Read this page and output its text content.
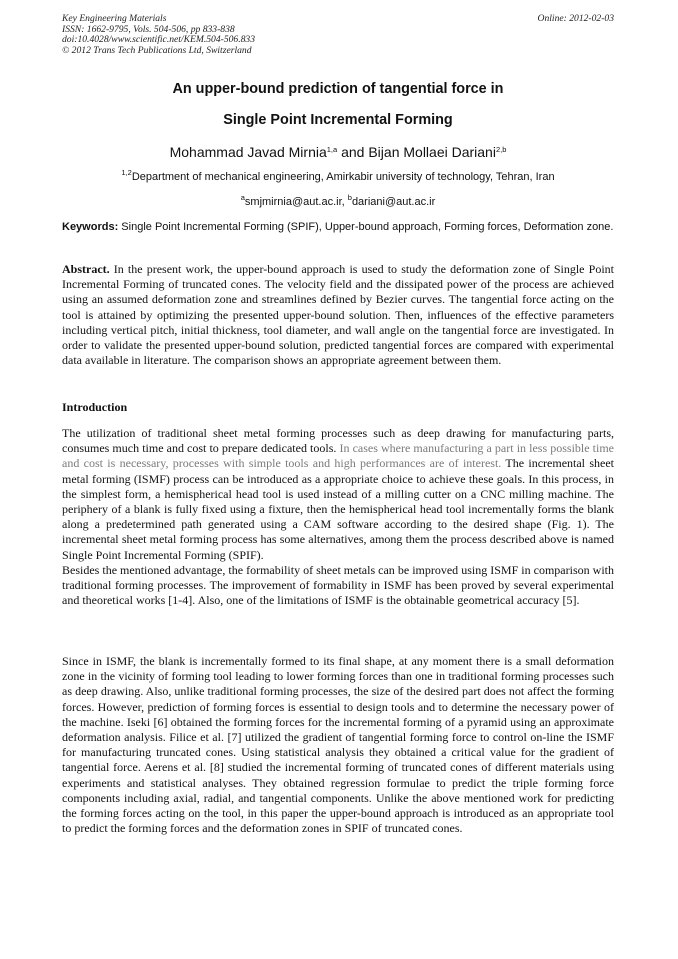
Key Engineering Materials
ISSN: 1662-9795, Vols. 504-506, pp 833-838
doi:10.4028/www.scientific.net/KEM.504-506.833
© 2012 Trans Tech Publications Ltd, Switzerland
Online: 2012-02-03
An upper-bound prediction of tangential force in
Single Point Incremental Forming
Mohammad Javad Mirnia$^{1,a}$ and Bijan Mollaei Dariani$^{2,b}$
$^{1,2}$Department of mechanical engineering, Amirkabir university of technology, Tehran, Iran
$^a$smjmirnia@aut.ac.ir, $^b$dariani@aut.ac.ir
Keywords: Single Point Incremental Forming (SPIF), Upper-bound approach, Forming forces, Deformation zone.
Abstract. In the present work, the upper-bound approach is used to study the deformation zone of Single Point Incremental Forming of truncated cones. The velocity field and the dissipated power of the process are achieved using an assumed deformation zone and streamlines defined by Bezier curves. The tangential force acting on the tool is attained by optimizing the presented upper-bound solution. Then, influences of the effective parameters including vertical pitch, initial thickness, tool diameter, and wall angle on the tangential force are investigated. In order to validate the presented upper-bound solution, predicted tangential forces are compared with experimental data available in literature. The comparison shows an appropriate agreement between them.
Introduction
The utilization of traditional sheet metal forming processes such as deep drawing for manufacturing parts, consumes much time and cost to prepare dedicated tools. In cases where manufacturing a part in less possible time and cost is necessary, processes with simple tools and high performances are of interest. The incremental sheet metal forming (ISMF) process can be introduced as a appropriate choice to achieve these goals. In this process, in the simplest form, a hemispherical head tool is used instead of a milling cutter on a CNC milling machine. The periphery of a blank is fully fixed using a fixture, then the hemispherical head tool incrementally forms the blank along a predetermined path generated using a CAM software according to the desired shape (Fig. 1). The incremental sheet metal forming process has some alternatives, among them the process described above is named Single Point Incremental Forming (SPIF).
Besides the mentioned advantage, the formability of sheet metals can be improved using ISMF in comparison with traditional forming processes. The improvement of formability in ISMF has been proved by several experimental and theoretical works [1-4]. Also, one of the limitations of ISMF is the obtainable geometrical accuracy [5].
Since in ISMF, the blank is incrementally formed to its final shape, at any moment there is a small deformation zone in the vicinity of forming tool leading to lower forming forces than one in traditional forming processes such as deep drawing. Also, unlike traditional forming processes, the size of the desired part does not affect the forming forces. However, prediction of forming forces is essential to design tools and to determine the necessary power of the machine. Iseki [6] obtained the forming forces for the incremental forming of a pyramid using an approximate deformation analysis. Filice et al. [7] utilized the gradient of tangential forming force to control on-line the ISMF for manufacturing truncated cones. Using statistical analysis they obtained a critical value for the gradient of tangential force. Aerens et al. [8] studied the incremental forming of truncated cones of different materials using experiments and statistical analyses. They obtained regression formulae to predict the triple forming force components including axial, radial, and tangential components. Unlike the above mentioned work for predicting the forming forces acting on the tool, in this paper the upper-bound approach is introduced as an appropriate tool to predict the forming forces and the deformation zones in SPIF of truncated cones.
